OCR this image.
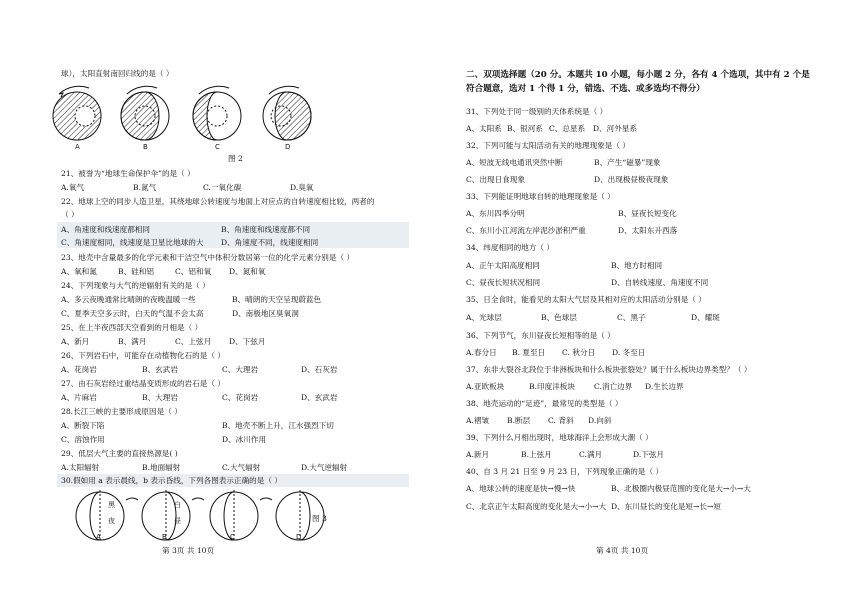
球），太阳直射南回归线的是（ ）
A	B	C	D
图 2
21、被誉为“地球生命保护伞”的是（ ）
A.氧气	B.氮气	C.一氧化碳	D.臭氧
22、地球上空的同步人造卫星，其绕地球公转速度与地面上对应点的自转速度相比较，两者的
（ ）
A、角速度和线速度都相同	B、角速度和线速度都不同
C、角速度相同，线速度是卫星比地球的大 D、角速度不同，线速度相同
23、地壳中含量最多的化学元素和干洁空气中体积分数居第一位的化学元素分别是（ ）
A、氧和氮	B、硅和铝	C、铝和氧 D、氮和氧
24、下列现象与大气的逆辐射有关的是（ ）
A、多云夜晚通常比晴朗的夜晚温暖一些	B、晴朗的天空呈现蔚蓝色
C、夏季天空多云时，白天的气温不会太高	D、南极地区臭氧洞
25、在上半夜西部天空看到的月相是（ ）
A、新月	B、满月	C、上弦月 D、下弦月
26、下列岩石中，可能存在动植物化石的是（ ）
A、花岗岩	B、玄武岩	C、大理岩	D、石灰岩
27、由石灰岩经过重结晶变质形成的岩石是（ ）
A、片麻岩	B、大理岩	C、花岗岩	D、玄武岩
28.长江三峡的主要形成原因是（ ）
A、断裂下陷	B、地壳不断上升，江水强烈下切
C、溶蚀作用	D、冰川作用
29、低层大气主要的直接热源是( )
A.太阳辐射	B.地面辐射	C.大气辐射	D.大气逆辐射
30.假如用 a 表示晨线，b 表示昏线，下列各图表示正确的是（ ）
黑
夜
白
昼
A	B	C	D
图 3
第 3页 共 10页
二、双项选择题（20 分。本题共 10 小题，每小题 2 分，各有 4 个选项，其中有 2 个是
符合题意，选对 1 个得 1 分，错选、不选、或多选均不得分）
31、下列处于同一级别的天体系统是（ ）
A、太阳系 B、银河系 C、总星系 D、河外星系
32、下列可能与太阳活动有关的地理现象是（ ）
A、短波无线电通讯突然中断	B、产生“磁暴”现象
C、出现日食现象	D、出现极昼极夜现象
33、下列能证明地球自转的地理现象是（ ）
A、东川四季分明	B、昼夜长短变化
C、东川小江河流左岸泥沙淤积严重	D、太阳东升西落
34、纬度相同的地方（ ）
A、正午太阳高度相同	B、地方时相同
C、昼夜长短状况相同	D、自转线速度、角速度不同
35、日全食时，能看见的太阳大气层及其相对应的太阳活动分别是（ ）
A、光球层	B、色球层	C、黑子	D、耀斑
36、下列节气，东川昼夜长短相等的是（ ）
A.春分日 B. 夏至日 C. 秋分日 D. 冬至日
37、东非大裂谷北段位于非洲板块和什么板块张裂处？属于什么板块边界类型？（ ）
A.亚欧板块	B.印度洋板块	C.消亡边界 D.生长边界
38、地壳运动的“足迹”，最常见的类型是（ ）
A.褶皱 B.断层 C. 背斜 D.向斜
39、下列什么月相出现时，地球海洋上会形成大潮（ ）
A.新月	B.上弦月	C.满月	D.下弦月
40、自 3 月 21 日至 9 月 23 日，下列现象正确的是（ ）
A、地球公转的速度是快→慢→快	B、北极圈内极昼范围的变化是大→小→大
C、北京正午太阳高度的变化是大→小→大 D、东川昼长的变化是短→长→短
第 4页 共 10页
